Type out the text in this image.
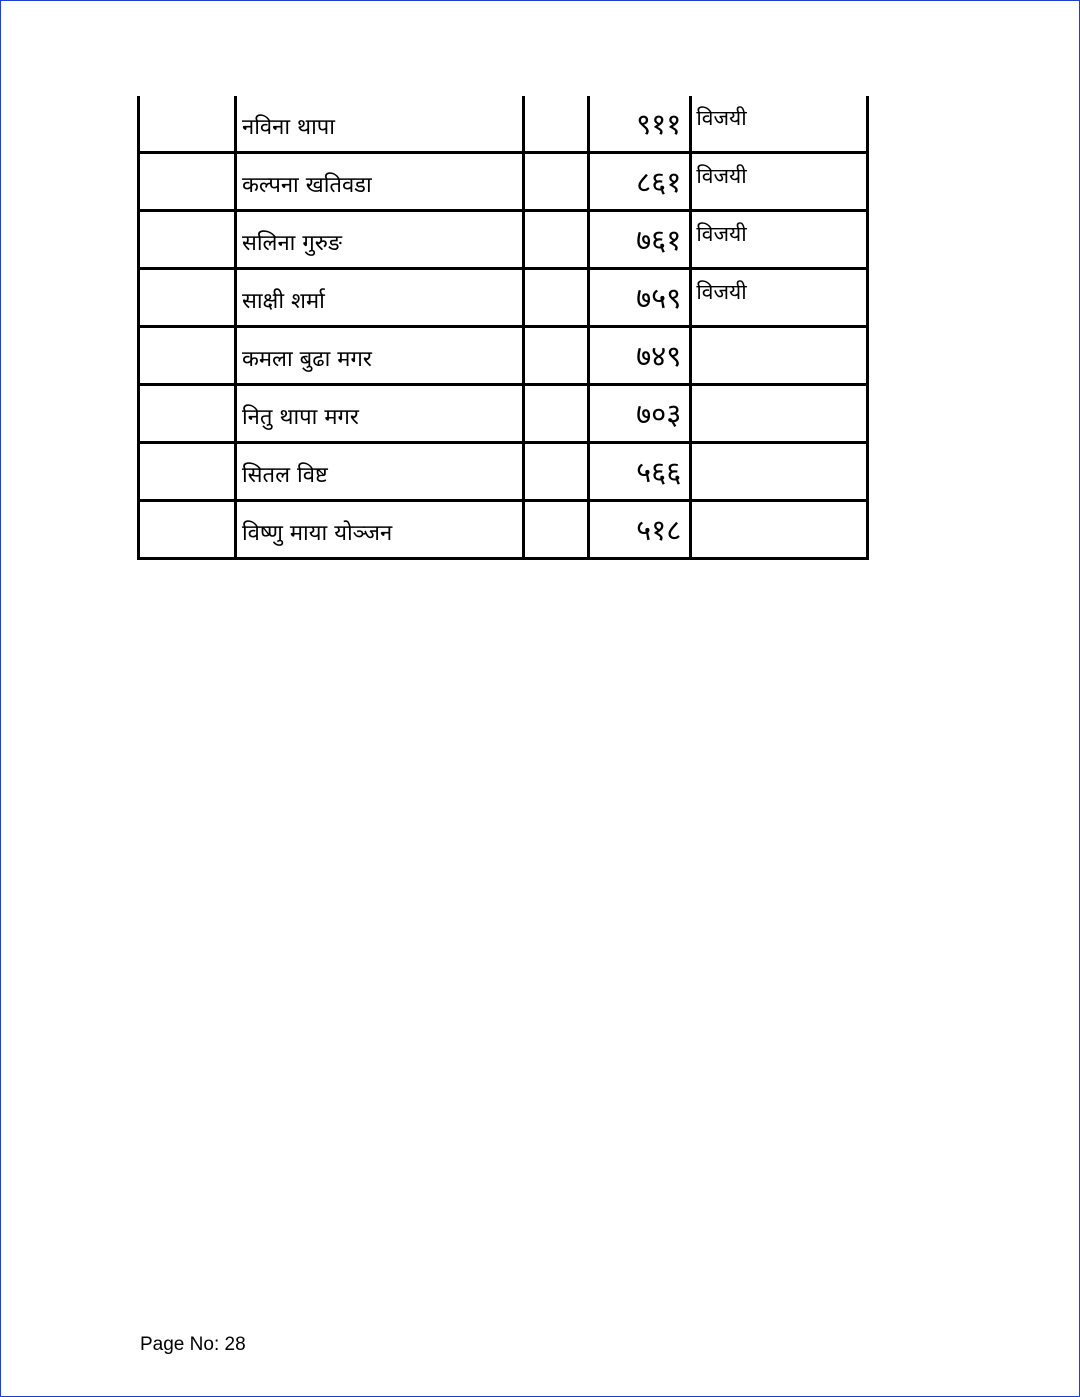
	नविना थापा		९११	विजयी
	कल्पना खतिवडा		८६१	विजयी
	सलिना गुरुङ		७६१	विजयी
	साक्षी शर्मा		७५९	विजयी
	कमला बुढा मगर		७४९	
	नितु थापा मगर		७०३	
	सितल विष्ट		५६६	
	विष्णु माया योञ्जन		५१८	
Page No: 28
